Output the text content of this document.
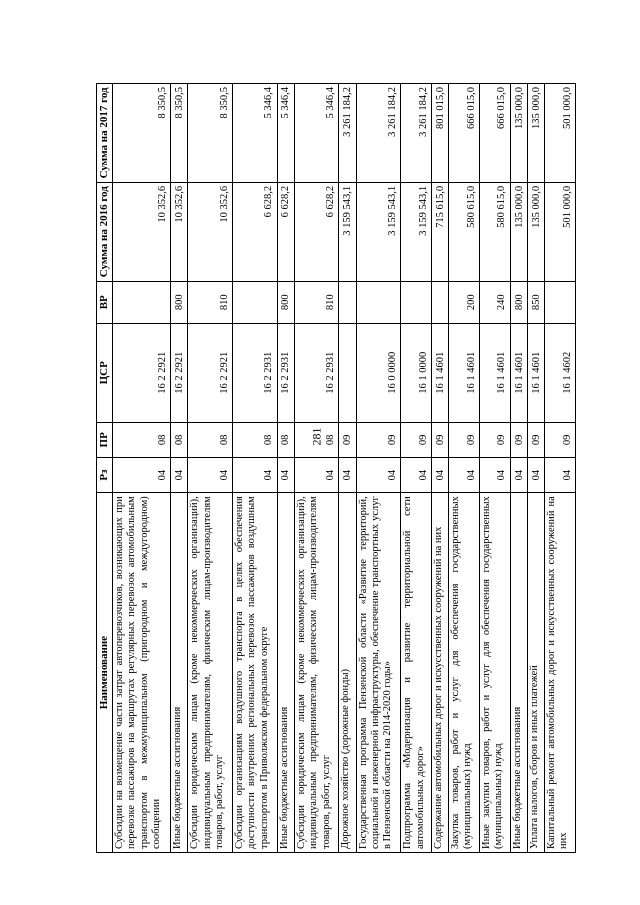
281
Наименование	Рз	ПР	ЦСР	ВР	Сумма на 2016 год	Сумма на 2017 год
Субсидии на возмещение части затрат автоперевозчиков, возникающих при перевозке пассажиров на маршрутах регулярных перевозок автомобильным транспортом в межмуниципальном (пригородном и междугородном) сообщении	04	08	16 2 2921		10 352,6	8 350,5
Иные бюджетные ассигнования	04	08	16 2 2921	800	10 352,6	8 350,5
Субсидии юридическим лицам (кроме некоммерческих организаций), индивидуальным предпринимателям, физическим лицам-производителям товаров, работ, услуг	04	08	16 2 2921	810	10 352,6	8 350,5
Субсидии организациям воздушного транспорта в целях обеспечения доступности внутренних региональных перевозок пассажиров воздушным транспортом в Приволжском федеральном округе	04	08	16 2 2931		6 628,2	5 346,4
Иные бюджетные ассигнования	04	08	16 2 2931	800	6 628,2	5 346,4
Субсидии юридическим лицам (кроме некоммерческих организаций), индивидуальным предпринимателям, физическим лицам-производителям товаров, работ, услуг	04	08	16 2 2931	810	6 628,2	5 346,4
Дорожное хозяйство (дорожные фонды)	04	09			3 159 543,1	3 261 184,2
Государственная программа Пензенской области «Развитие территорий, социальной и инженерной инфраструктуры, обеспечение транспортных услуг в Пензенской области на 2014-2020 годы»	04	09	16 0 0000		3 159 543,1	3 261 184,2
Подпрограмма «Модернизация и развитие территориальной сети автомобильных дорог»	04	09	16 1 0000		3 159 543,1	3 261 184,2
Содержание автомобильных дорог и искусственных сооружений на них	04	09	16 1 4601		715 615,0	801 015,0
Закупка товаров, работ и услуг для обеспечения государственных (муниципальных) нужд	04	09	16 1 4601	200	580 615,0	666 015,0
Иные закупки товаров, работ и услуг для обеспечения государственных (муниципальных) нужд	04	09	16 1 4601	240	580 615,0	666 015,0
Иные бюджетные ассигнования	04	09	16 1 4601	800	135 000,0	135 000,0
Уплата налогов, сборов и иных платежей	04	09	16 1 4601	850	135 000,0	135 000,0
Капитальный ремонт автомобильных дорог и искусственных сооружений на них	04	09	16 1 4602		501 000,0	501 000,0
